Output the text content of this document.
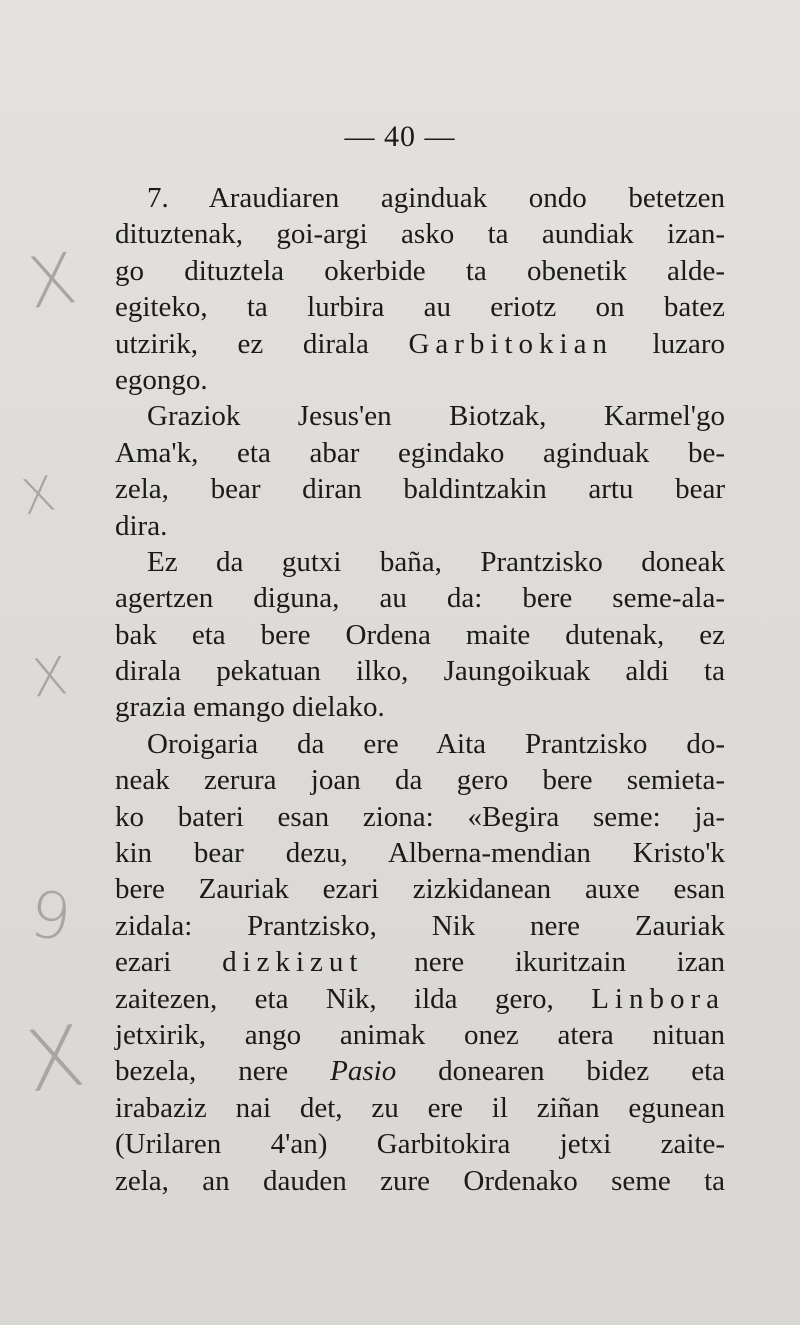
— 40 —
X
X
X
9
X
7. Araudiaren aginduak ondo betetzen
dituztenak, goi-argi asko ta aundiak izan-
go dituztela okerbide ta obenetik alde-
egiteko, ta lurbira au eriotz on batez
utzirik, ez dirala Garbitokian luzaro
egongo.
Graziok Jesus'en Biotzak, Karmel'go
Ama'k, eta abar egindako aginduak be-
zela, bear diran baldintzakin artu bear
dira.
Ez da gutxi baña, Prantzisko doneak
agertzen diguna, au da: bere seme-ala-
bak eta bere Ordena maite dutenak, ez
dirala pekatuan ilko, Jaungoikuak aldi ta
grazia emango dielako.
Oroigaria da ere Aita Prantzisko do-
neak zerura joan da gero bere semieta-
ko bateri esan ziona: «Begira seme: ja-
kin bear dezu, Alberna-mendian Kristo'k
bere Zauriak ezari zizkidanean auxe esan
zidala: Prantzisko, Nik nere Zauriak
ezari dizkizut nere ikuritzain izan
zaitezen, eta Nik, ilda gero, Linbora
jetxirik, ango animak onez atera nituan
bezela, nere Pasio donearen bidez eta
irabaziz nai det, zu ere il ziñan egunean
(Urilaren 4'an) Garbitokira jetxi zaite-
zela, an dauden zure Ordenako seme ta
